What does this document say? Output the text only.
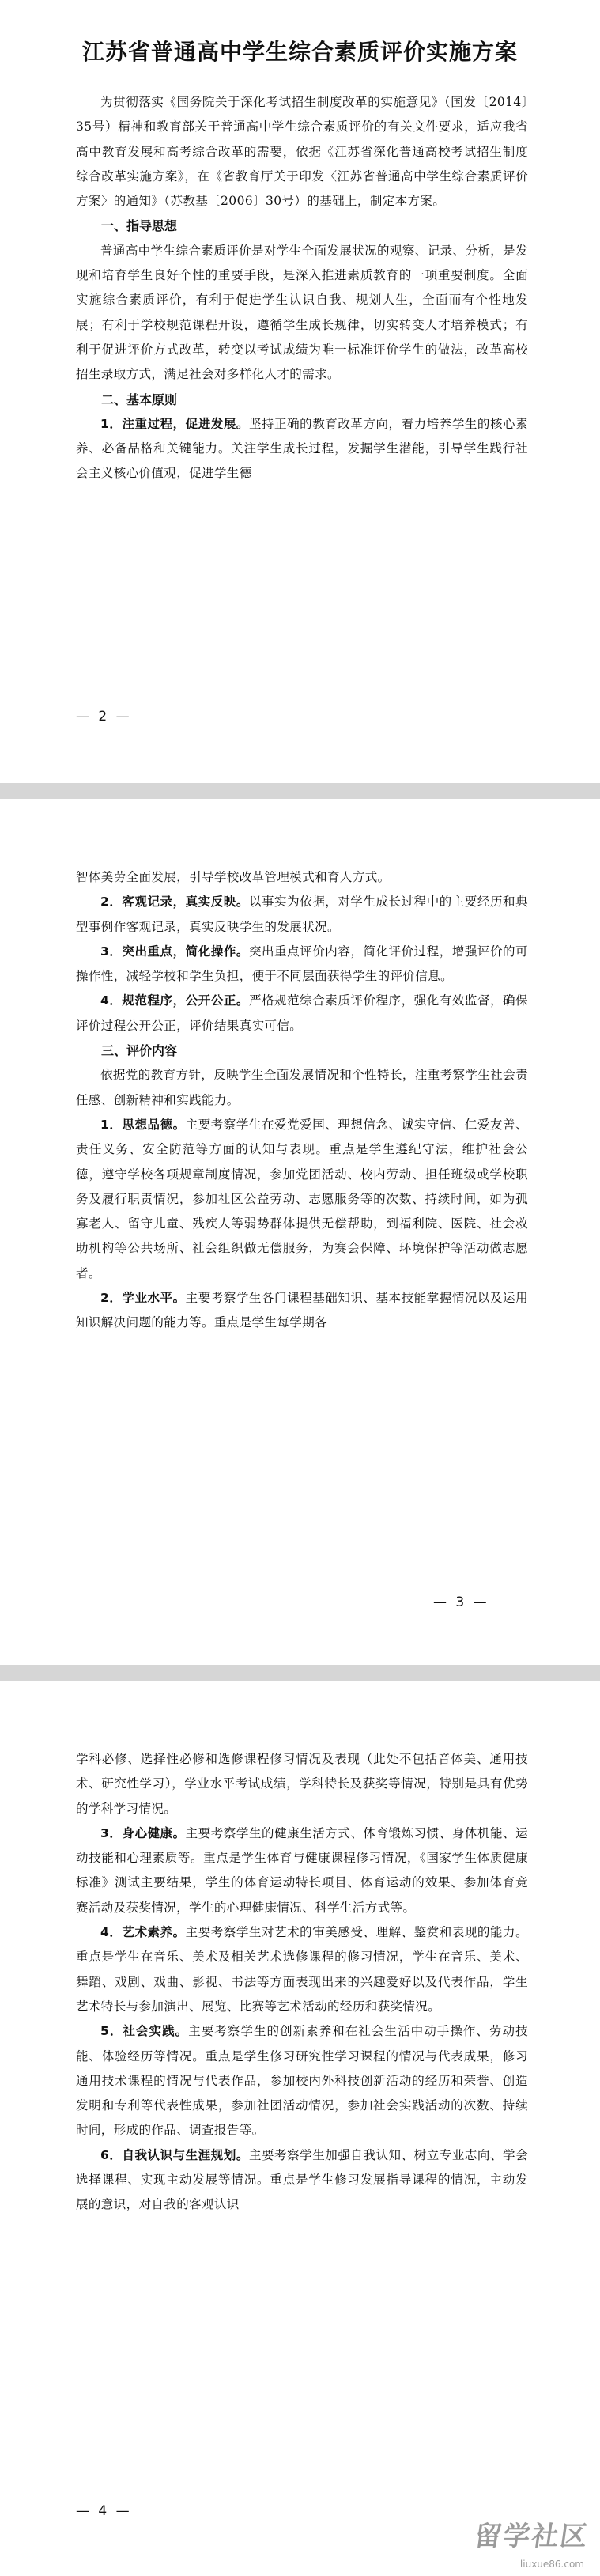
江苏省普通高中学生综合素质评价实施方案

为贯彻落实《国务院关于深化考试招生制度改革的实施意见》（国发〔2014〕35号）精神和教育部关于普通高中学生综合素质评价的有关文件要求，适应我省高中教育发展和高考综合改革的需要，依据《江苏省深化普通高校考试招生制度综合改革实施方案》，在《省教育厅关于印发〈江苏省普通高中学生综合素质评价方案〉的通知》（苏教基〔2006〕30号）的基础上，制定本方案。

一、指导思想

普通高中学生综合素质评价是对学生全面发展状况的观察、记录、分析，是发现和培育学生良好个性的重要手段，是深入推进素质教育的一项重要制度。全面实施综合素质评价，有利于促进学生认识自我、规划人生，全面而有个性地发展；有利于学校规范课程开设，遵循学生成长规律，切实转变人才培养模式；有利于促进评价方式改革，转变以考试成绩为唯一标准评价学生的做法，改革高校招生录取方式，满足社会对多样化人才的需求。

二、基本原则

1．注重过程，促进发展。坚持正确的教育改革方向，着力培养学生的核心素养、必备品格和关键能力。关注学生成长过程，发掘学生潜能，引导学生践行社会主义核心价值观，促进学生德

— 2 —

智体美劳全面发展，引导学校改革管理模式和育人方式。

2．客观记录，真实反映。以事实为依据，对学生成长过程中的主要经历和典型事例作客观记录，真实反映学生的发展状况。

3．突出重点，简化操作。突出重点评价内容，简化评价过程，增强评价的可操作性，减轻学校和学生负担，便于不同层面获得学生的评价信息。

4．规范程序，公开公正。严格规范综合素质评价程序，强化有效监督，确保评价过程公开公正，评价结果真实可信。

三、评价内容

依据党的教育方针，反映学生全面发展情况和个性特长，注重考察学生社会责任感、创新精神和实践能力。

1．思想品德。主要考察学生在爱党爱国、理想信念、诚实守信、仁爱友善、责任义务、安全防范等方面的认知与表现。重点是学生遵纪守法，维护社会公德，遵守学校各项规章制度情况，参加党团活动、校内劳动、担任班级或学校职务及履行职责情况，参加社区公益劳动、志愿服务等的次数、持续时间，如为孤寡老人、留守儿童、残疾人等弱势群体提供无偿帮助，到福利院、医院、社会救助机构等公共场所、社会组织做无偿服务，为赛会保障、环境保护等活动做志愿者。

2．学业水平。主要考察学生各门课程基础知识、基本技能掌握情况以及运用知识解决问题的能力等。重点是学生每学期各

— 3 —

学科必修、选择性必修和选修课程修习情况及表现（此处不包括音体美、通用技术、研究性学习），学业水平考试成绩，学科特长及获奖等情况，特别是具有优势的学科学习情况。

3．身心健康。主要考察学生的健康生活方式、体育锻炼习惯、身体机能、运动技能和心理素质等。重点是学生体育与健康课程修习情况，《国家学生体质健康标准》测试主要结果，学生的体育运动特长项目、体育运动的效果、参加体育竞赛活动及获奖情况，学生的心理健康情况、科学生活方式等。

4．艺术素养。主要考察学生对艺术的审美感受、理解、鉴赏和表现的能力。重点是学生在音乐、美术及相关艺术选修课程的修习情况，学生在音乐、美术、舞蹈、戏剧、戏曲、影视、书法等方面表现出来的兴趣爱好以及代表作品，学生艺术特长与参加演出、展览、比赛等艺术活动的经历和获奖情况。

5．社会实践。主要考察学生的创新素养和在社会生活中动手操作、劳动技能、体验经历等情况。重点是学生修习研究性学习课程的情况与代表成果，修习通用技术课程的情况与代表作品，参加校内外科技创新活动的经历和荣誉、创造发明和专利等代表性成果，参加社团活动情况，参加社会实践活动的次数、持续时间，形成的作品、调查报告等。

6．自我认识与生涯规划。主要考察学生加强自我认知、树立专业志向、学会选择课程、实现主动发展等情况。重点是学生修习发展指导课程的情况，主动发展的意识，对自我的客观认识

— 4 —
留学社区
liuxue86.com
